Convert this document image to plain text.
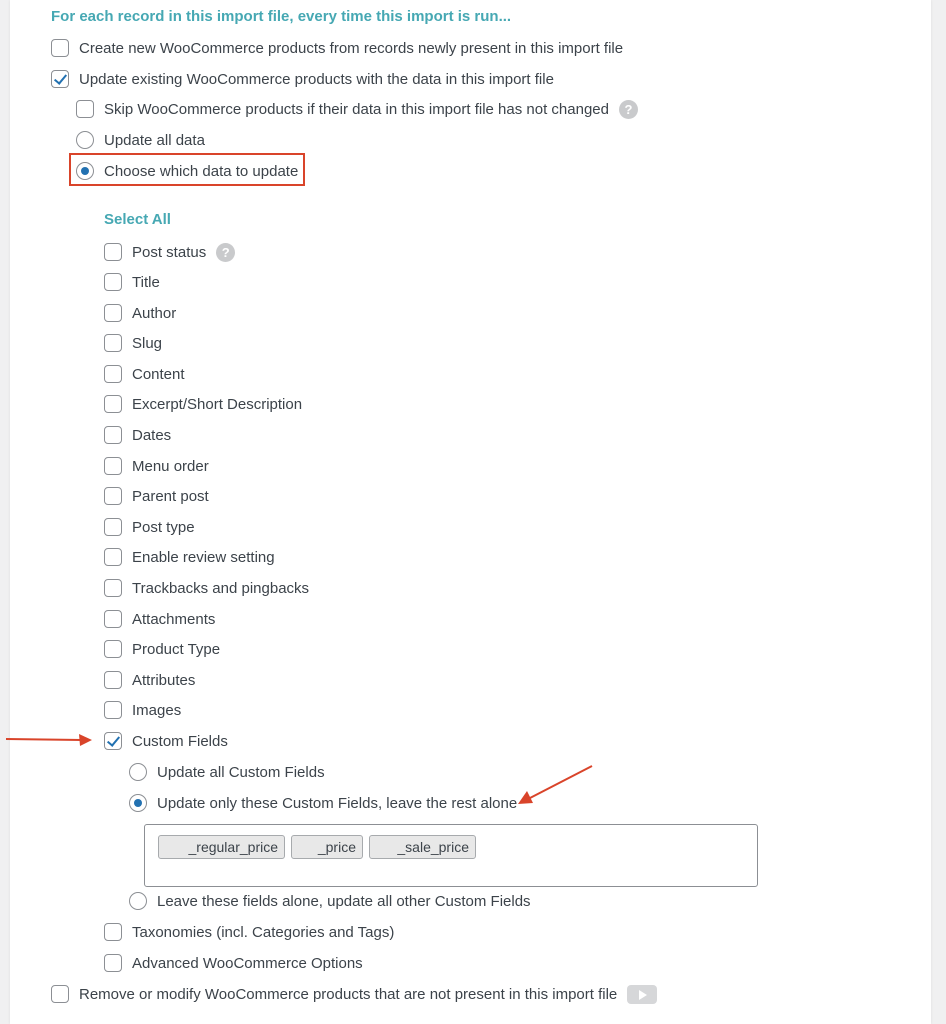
For each record in this import file, every time this import is run...
Create new WooCommerce products from records newly present in this import file
Update existing WooCommerce products with the data in this import file
Skip WooCommerce products if their data in this import file has not changed	?
Update all data
Choose which data to update
Select All
Post status	?
Title
Author
Slug
Content
Excerpt/Short Description
Dates
Menu order
Parent post
Post type
Enable review setting
Trackbacks and pingbacks
Attachments
Product Type
Attributes
Images
Custom Fields
Update all Custom Fields
Update only these Custom Fields, leave the rest alone
_regular_price	_price	_sale_price
Leave these fields alone, update all other Custom Fields
Taxonomies (incl. Categories and Tags)
Advanced WooCommerce Options
Remove or modify WooCommerce products that are not present in this import file
